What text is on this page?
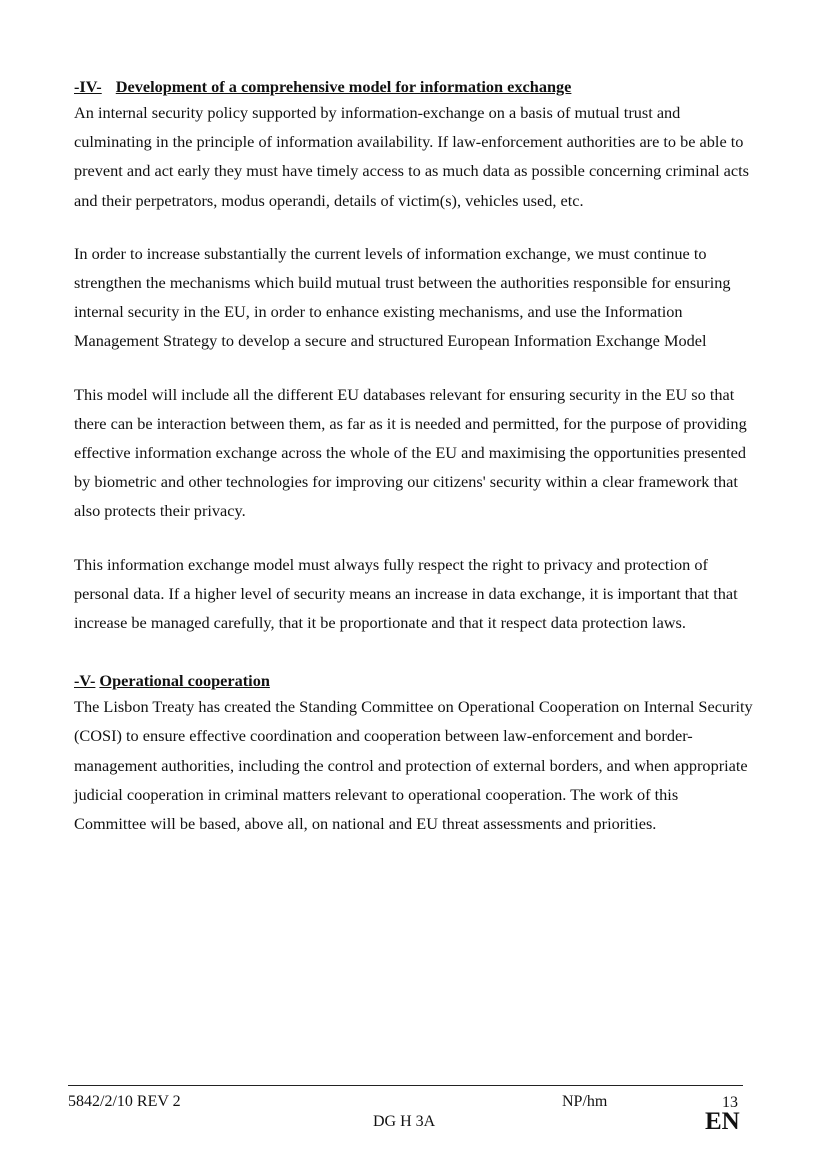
-IV- Development of a comprehensive model for information exchange

An internal security policy supported by information-exchange on a basis of mutual trust and culminating in the principle of information availability. If law-enforcement authorities are to be able to prevent and act early they must have timely access to as much data as possible concerning criminal acts and their perpetrators, modus operandi, details of victim(s), vehicles used, etc.

In order to increase substantially the current levels of information exchange, we must continue to strengthen the mechanisms which build mutual trust between the authorities responsible for ensuring internal security in the EU, in order to enhance existing mechanisms, and use the Information Management Strategy to develop a secure and structured European Information Exchange Model

This model will include all the different EU databases relevant for ensuring security in the EU so that there can be interaction between them, as far as it is needed and permitted, for the purpose of providing effective information exchange across the whole of the EU and maximising the opportunities presented by biometric and other technologies for improving our citizens' security within a clear framework that also protects their privacy.

This information exchange model must always fully respect the right to privacy and protection of personal data. If a higher level of security means an increase in data exchange, it is important that that increase be managed carefully, that it be proportionate and that it respect data protection laws.

-V- Operational cooperation

The Lisbon Treaty has created the Standing Committee on Operational Cooperation on Internal Security (COSI) to ensure effective coordination and cooperation between law-enforcement and border-management authorities, including the control and protection of external borders, and when appropriate judicial cooperation in criminal matters relevant to operational cooperation. The work of this Committee will be based, above all, on national and EU threat assessments and priorities.

5842/2/10 REV 2
DG H 3A
NP/hm	13
EN
